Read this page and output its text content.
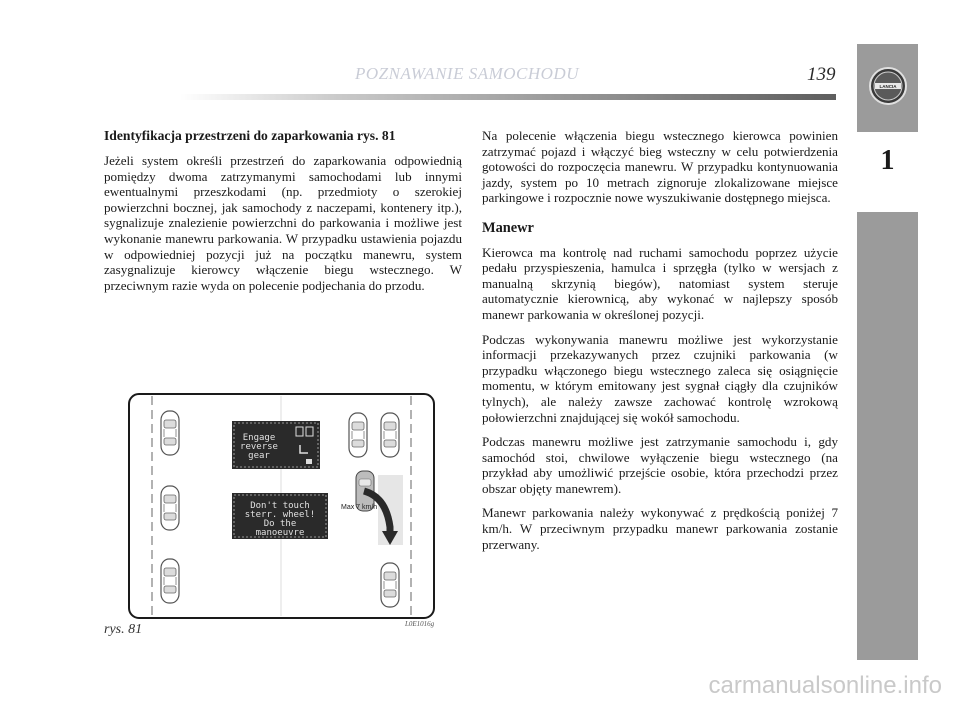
POZNAWANIE SAMOCHODU	139
LANCIA
1
Identyfikacja przestrzeni do zaparkowania rys. 81

Jeżeli system określi przestrzeń do zaparkowania odpowiednią pomiędzy dwoma zatrzymanymi samochodami lub innymi ewentualnymi przeszkodami (np. przedmioty o szerokiej powierzchni bocznej, jak samochody z naczepami, kontenery itp.), sygnalizuje znalezienie powierzchni do parkowania i możliwe jest wykonanie manewru parkowania. W przypadku ustawienia pojazdu w odpowiedniej pozycji już na początku manewru, system zasygnalizuje kierowcy włączenie biegu wstecznego. W przeciwnym razie wyda on polecenie podjechania do przodu.

Na polecenie włączenia biegu wstecznego kierowca powinien zatrzymać pojazd i włączyć bieg wsteczny w celu potwierdzenia gotowości do rozpoczęcia manewru. W przypadku kontynuowania jazdy, system po 10 metrach zignoruje zlokalizowane miejsce parkingowe i rozpocznie nowe wyszukiwanie dostępnego miejsca.

Manewr

Kierowca ma kontrolę nad ruchami samochodu poprzez użycie pedału przyspieszenia, hamulca i sprzęgła (tylko w wersjach z manualną skrzynią biegów), natomiast system steruje automatycznie kierownicą, aby wykonać w najlepszy sposób manewr parkowania w określonej pozycji.

Podczas wykonywania manewru możliwe jest wykorzystanie informacji przekazywanych przez czujniki parkowania (w przypadku włączonego biegu wstecznego zaleca się osiągnięcie momentu, w którym emitowany jest sygnał ciągły dla czujników tylnych), ale należy zawsze zachować kontrolę wzrokową połowierzchni znajdującej się wokół samochodu.

Podczas manewru możliwe jest zatrzymanie samochodu i, gdy samochód stoi, chwilowe wyłączenie biegu wstecznego (na przykład aby umożliwić przejście osobie, która przechodzi przez obszar objęty manewrem).

Manewr parkowania należy wykonywać z prędkością poniżej 7 km/h. W przeciwnym przypadku manewr parkowania zostanie przerwany.

Engage
reverse
gear
Don't touch
sterr. wheel!
Do the
manoeuvre
Max 7 km/h
rys. 81	L0E1016g
carmanualsonline.info
